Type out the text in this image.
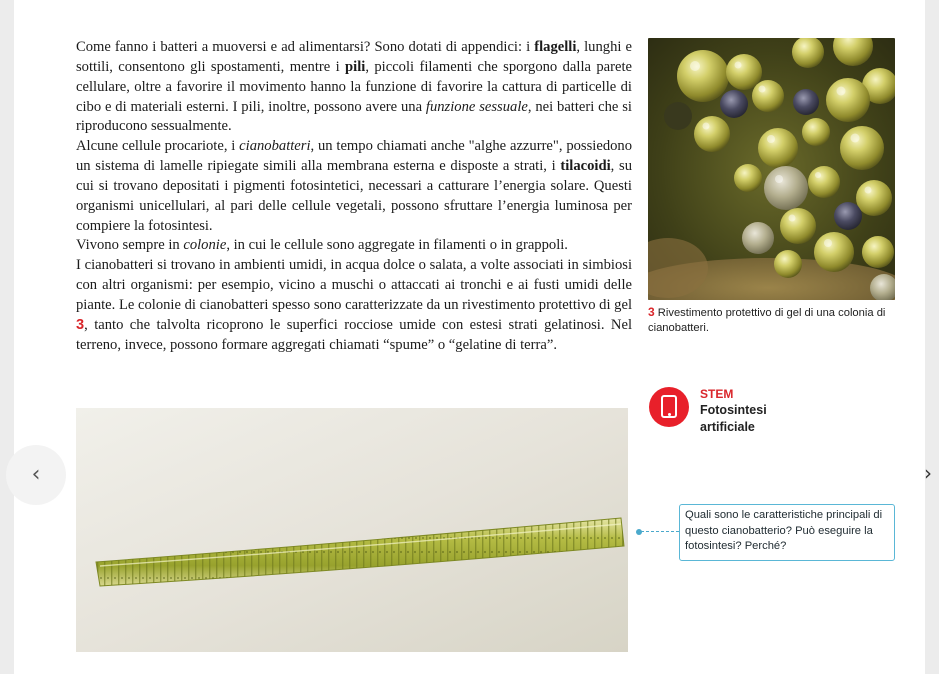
Come fanno i batteri a muoversi e ad alimentarsi? Sono dotati di appendici: i flagelli, lunghi e sottili, consentono gli spostamenti, mentre i pili, piccoli filamenti che sporgono dalla parete cellulare, oltre a favorire il movimento hanno la funzione di favorire la cattura di particelle di cibo e di materiali esterni. I pili, inoltre, possono avere una funzione sessuale, nei batteri che si riproducono sessualmente.

Alcune cellule procariote, i cianobatteri, un tempo chiamati anche "alghe azzurre", possiedono un sistema di lamelle ripiegate simili alla membrana esterna e disposte a strati, i tilacoidi, su cui si trovano depositati i pigmenti fotosintetici, necessari a catturare l’energia solare. Questi organismi unicellulari, al pari delle cellule vegetali, possono sfruttare l’energia luminosa per compiere la fotosintesi.

Vivono sempre in colonie, in cui le cellule sono aggregate in filamenti o in grappoli.

I cianobatteri si trovano in ambienti umidi, in acqua dolce o salata, a volte associati in simbiosi con altri organismi: per esempio, vicino a muschi o attaccati ai tronchi e ai fusti umidi delle piante. Le colonie di cianobatteri spesso sono caratterizzate da un rivestimento protettivo di gel 3, tanto che talvolta ricoprono le superfici rocciose umide con estesi strati gelatinosi. Nel terreno, invece, possono formare aggregati chiamati “spume” o “gelatine di terra”.

3 Rivestimento protettivo di gel di una colonia di cianobatteri.
STEM
Fotosintesi artificiale
Quali sono le caratteristiche principali di questo cianobatterio? Può eseguire la fotosintesi? Perché?
‹	›
